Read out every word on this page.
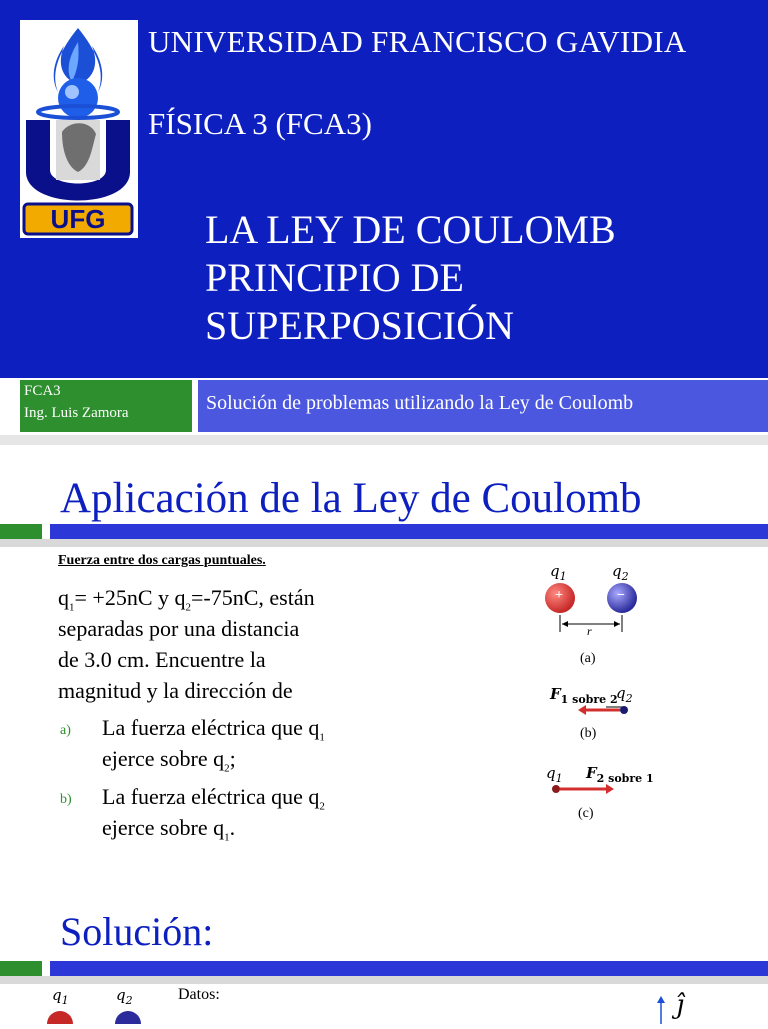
UFG
UNIVERSIDAD FRANCISCO GAVIDIA
FÍSICA 3 (FCA3)
LA LEY DE COULOMB
PRINCIPIO DE
SUPERPOSICIÓN
FCA3
Ing. Luis Zamora	Solución de problemas utilizando la Ley de Coulomb
Aplicación de la Ley de Coulomb
Fuerza entre dos cargas puntuales.
$q_1= +25nC$ y $q_2=-75nC$, están
separadas por una distancia
de 3.0 cm. Encuentre la
magnitud y la dirección de
a) La fuerza eléctrica que $q_1$
ejerce sobre $q_2$;
b) La fuerza eléctrica que $q_2$
ejerce sobre $q_1$.
$q_1$	$q_2$
+	−
r
(a)
$F_{1 sobre 2}$
$q_2$
(b)
$q_1$ $F_{2 sobre 1}$
(c)
Solución:
$q_1$	$q_2$	Datos:	ĵ
